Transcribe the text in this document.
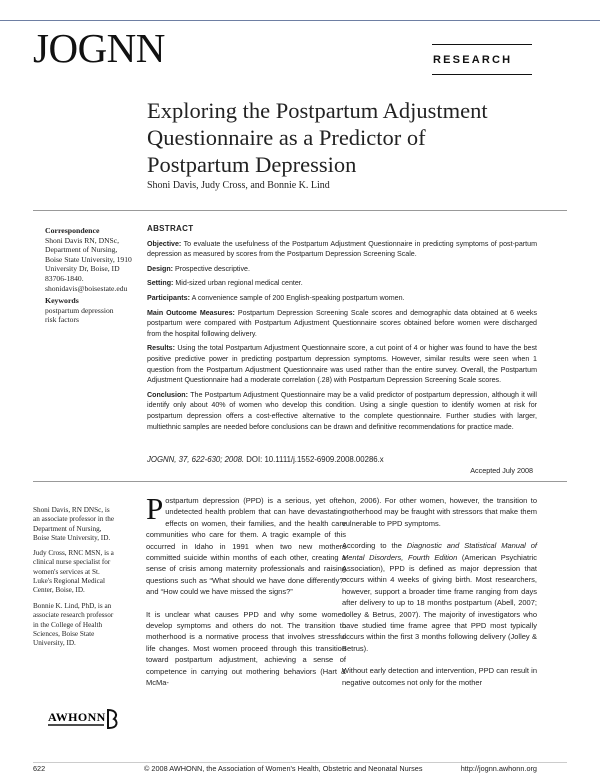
JOGNN	RESEARCH
Exploring the Postpartum Adjustment
Questionnaire as a Predictor of
Postpartum Depression
Shoni Davis, Judy Cross, and Bonnie K. Lind
Correspondence
Shoni Davis RN, DNSc,
Department of Nursing,
Boise State University, 1910
University Dr, Boise, ID
83706-1840.
shonidavis@boisestate.edu
Keywords
postpartum depression
risk factors
ABSTRACT

Objective: To evaluate the usefulness of the Postpartum Adjustment Questionnaire in predicting symptoms of post-partum depression as measured by scores from the Postpartum Depression Screening Scale.

Design: Prospective descriptive.

Setting: Mid-sized urban regional medical center.

Participants: A convenience sample of 200 English-speaking postpartum women.

Main Outcome Measures: Postpartum Depression Screening Scale scores and demographic data obtained at 6 weeks postpartum were compared with Postpartum Adjustment Questionnaire scores obtained before women were discharged from the hospital following delivery.

Results: Using the total Postpartum Adjustment Questionnaire score, a cut point of 4 or higher was found to have the best positive predictive power in predicting postpartum depression symptoms. However, similar results were seen when 1 question from the Postpartum Adjustment Questionnaire was used rather than the entire survey. Overall, the Postpartum Adjustment Questionnaire had a moderate correlation (.28) with Postpartum Depression Screening Scale scores.

Conclusion: The Postpartum Adjustment Questionnaire may be a valid predictor of postpartum depression, although it will identify only about 40% of women who develop this condition. Using a single question to identify women at risk for postpartum depression offers a cost-effective alternative to the complete questionnaire. Further studies with larger, multiethnic samples are needed before conclusions can be drawn and definitive recommendations for practice made.

JOGNN, 37, 622-630; 2008. DOI: 10.1111/j.1552-6909.2008.00286.x
Accepted July 2008
Shoni Davis, RN DNSc, is
an associate professor in the
Department of Nursing,
Boise State University, ID.
Judy Cross, RNC MSN, is a
clinical nurse specialist for
women's services at St.
Luke's Regional Medical
Center, Boise, ID.
Bonnie K. Lind, PhD, is an
associate research professor
in the College of Health
Sciences, Boise State
University, ID.

Postpartum depression (PPD) is a serious, yet often undetected health problem that can have devastating effects on women, their families, and the health care communities who care for them. A tragic example of this occurred in Idaho in 1991 when two new mothers committed suicide within months of each other, creating a sense of crisis among maternity professionals and raising questions such as “What should we have done differently?” and “How could we have missed the signs?”

It is unclear what causes PPD and why some women develop symptoms and others do not. The transition to motherhood is a normative process that involves stressful life changes. Most women proceed through this transition toward postpartum adjustment, achieving a sense of competence in carrying out mothering behaviors (Hart & McMa-

hon, 2006). For other women, however, the transition to motherhood may be fraught with stressors that make them vulnerable to PPD symptoms.

According to the Diagnostic and Statistical Manual of Mental Disorders, Fourth Edition (American Psychiatric Association), PPD is defined as major depression that occurs within 4 weeks of giving birth. Most researchers, however, support a broader time frame ranging from days after delivery to up to 18 months postpartum (Abell, 2007; Jolley & Betrus, 2007). The majority of investigators who have studied time frame agree that PPD most typically occurs within the first 3 months following delivery (Jolley & Betrus).

Without early detection and intervention, PPD can result in negative outcomes not only for the mother

AWHONN
622	© 2008 AWHONN, the Association of Women's Health, Obstetric and Neonatal Nurses	http://jognn.awhonn.org
